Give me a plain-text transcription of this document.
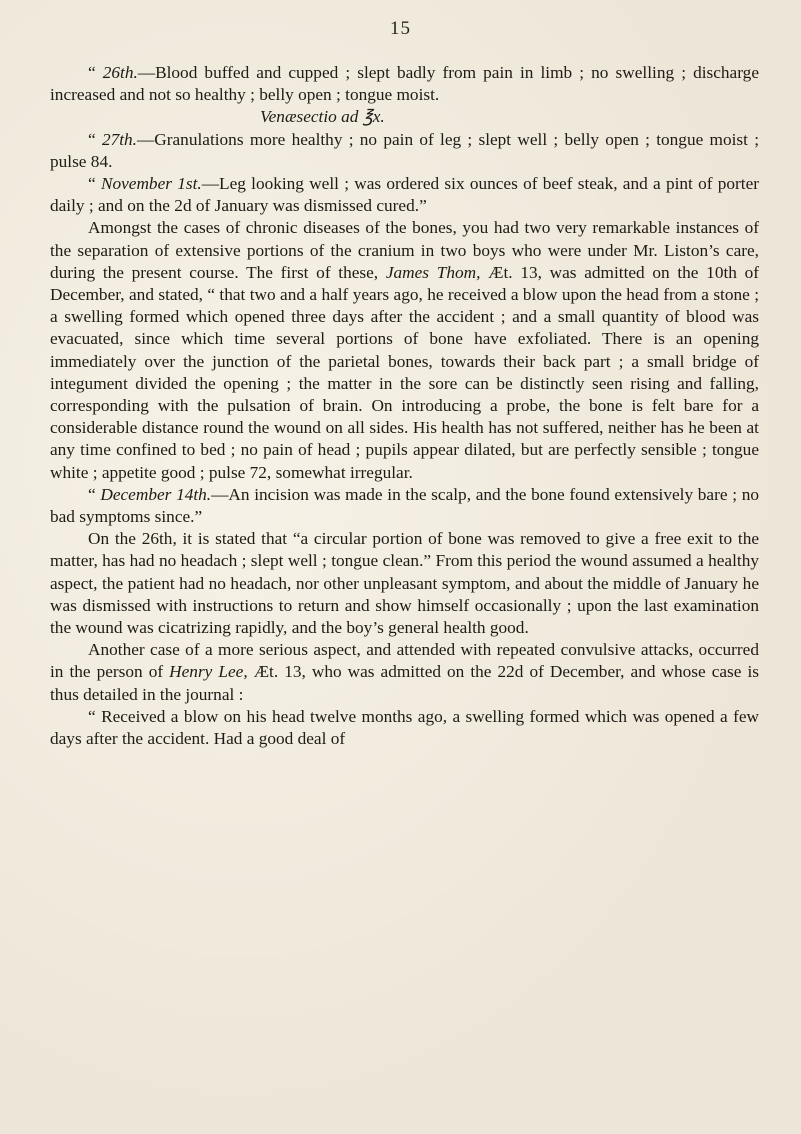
15

“ 26th.—Blood buffed and cupped ; slept badly from pain in limb ; no swelling ; discharge increased and not so healthy ; belly open ; tongue moist.

Venæsectio ad ℥x.

“ 27th.—Granulations more healthy ; no pain of leg ; slept well ; belly open ; tongue moist ; pulse 84.

“ November 1st.—Leg looking well ; was ordered six ounces of beef steak, and a pint of porter daily ; and on the 2d of January was dismissed cured.”

Amongst the cases of chronic diseases of the bones, you had two very remarkable instances of the separation of extensive portions of the cranium in two boys who were under Mr. Liston’s care, during the present course. The first of these, James Thom, Æt. 13, was admitted on the 10th of December, and stated, “ that two and a half years ago, he received a blow upon the head from a stone ; a swelling formed which opened three days after the accident ; and a small quantity of blood was evacuated, since which time several portions of bone have exfoliated. There is an opening immediately over the junction of the parietal bones, towards their back part ; a small bridge of integument divided the opening ; the matter in the sore can be distinctly seen rising and falling, corresponding with the pulsation of brain. On introducing a probe, the bone is felt bare for a considerable distance round the wound on all sides. His health has not suffered, neither has he been at any time confined to bed ; no pain of head ; pupils appear dilated, but are perfectly sensible ; tongue white ; appetite good ; pulse 72, somewhat irregular.

“ December 14th.—An incision was made in the scalp, and the bone found extensively bare ; no bad symptoms since.”

On the 26th, it is stated that “a circular portion of bone was removed to give a free exit to the matter, has had no headach ; slept well ; tongue clean.” From this period the wound assumed a healthy aspect, the patient had no headach, nor other unpleasant symptom, and about the middle of January he was dismissed with instructions to return and show himself occasionally ; upon the last examination the wound was cicatrizing rapidly, and the boy’s general health good.

Another case of a more serious aspect, and attended with repeated convulsive attacks, occurred in the person of Henry Lee, Æt. 13, who was admitted on the 22d of December, and whose case is thus detailed in the journal :

“ Received a blow on his head twelve months ago, a swelling formed which was opened a few days after the accident. Had a good deal of
